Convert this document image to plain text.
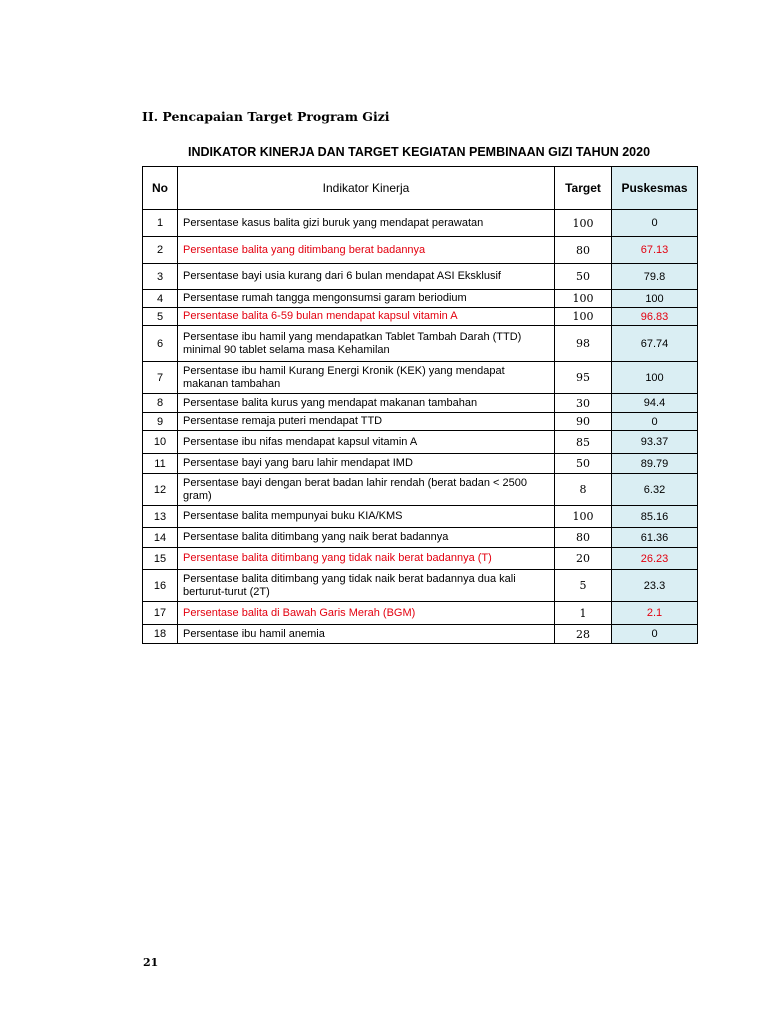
II. Pencapaian Target Program Gizi

INDIKATOR KINERJA DAN TARGET KEGIATAN PEMBINAAN GIZI TAHUN 2020

No	Indikator Kinerja	Target	Puskesmas
1	Persentase kasus balita gizi buruk yang mendapat perawatan	100	0
2	Persentase balita yang ditimbang berat badannya	80	67.13
3	Persentase bayi usia kurang dari 6 bulan mendapat ASI Eksklusif	50	79.8
4	Persentase rumah tangga mengonsumsi garam beriodium	100	100
5	Persentase balita 6-59 bulan mendapat kapsul vitamin A	100	96.83
6	Persentase ibu hamil yang mendapatkan Tablet Tambah Darah (TTD) minimal 90 tablet selama masa Kehamilan	98	67.74
7	Persentase ibu hamil Kurang Energi Kronik (KEK) yang mendapat makanan tambahan	95	100
8	Persentase balita kurus yang mendapat makanan tambahan	30	94.4
9	Persentase remaja puteri mendapat TTD	90	0
10	Persentase ibu nifas mendapat kapsul vitamin A	85	93.37
11	Persentase bayi yang baru lahir mendapat IMD	50	89.79
12	Persentase bayi dengan berat badan lahir rendah (berat badan < 2500 gram)	8	6.32
13	Persentase balita mempunyai buku KIA/KMS	100	85.16
14	Persentase balita ditimbang yang naik berat badannya	80	61.36
15	Persentase balita ditimbang yang tidak naik berat badannya (T)	20	26.23
16	Persentase balita ditimbang yang tidak naik berat badannya dua kali berturut-turut (2T)	5	23.3
17	Persentase balita di Bawah Garis Merah (BGM)	1	2.1
18	Persentase ibu hamil anemia	28	0

21
